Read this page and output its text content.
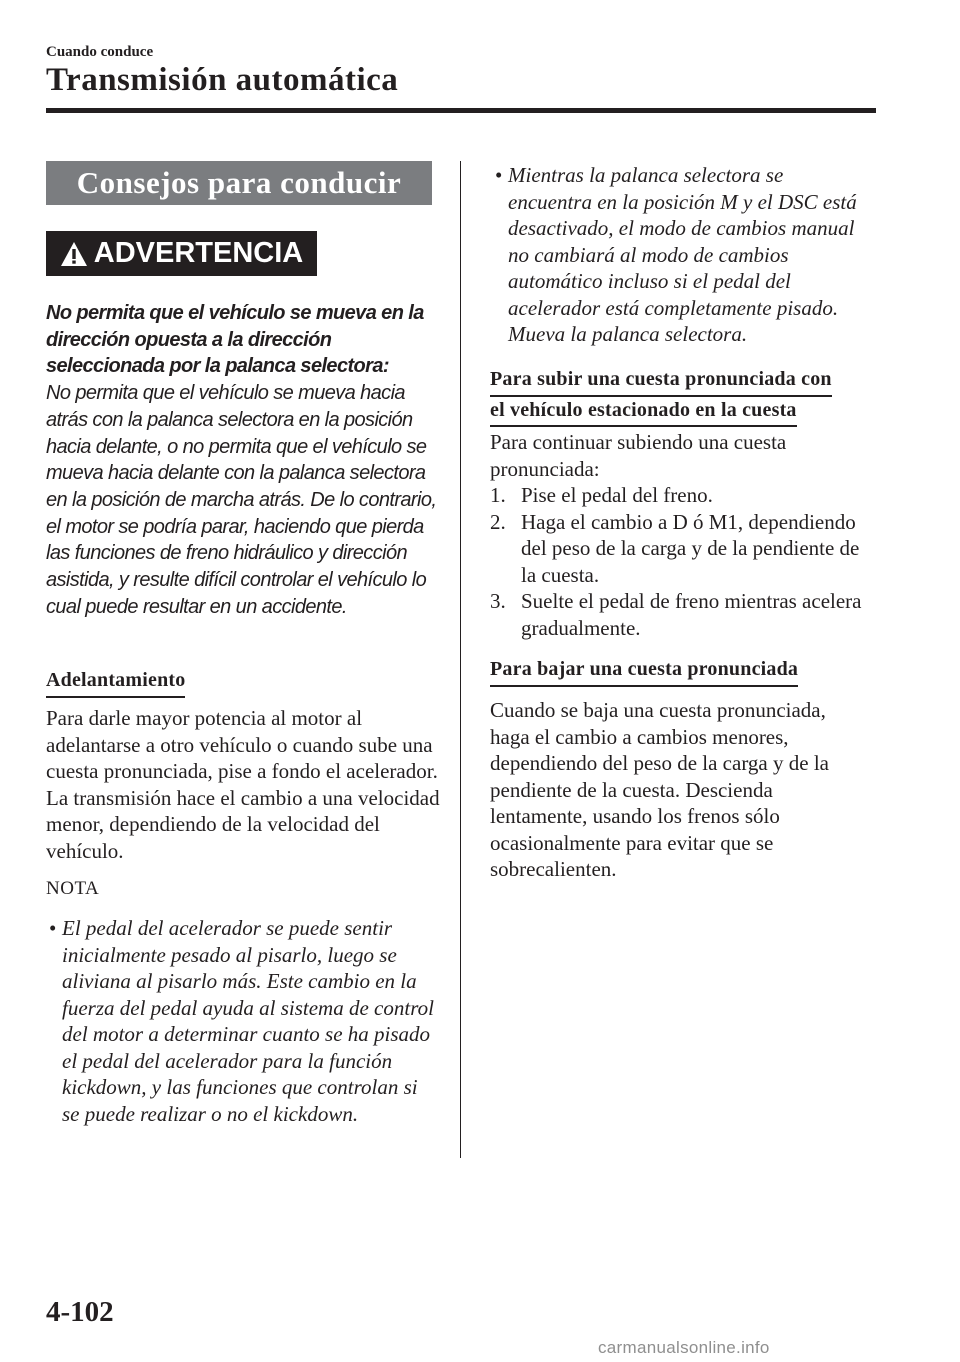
Cuando conduce
Transmisión automática
Consejos para conducir
ADVERTENCIA
No permita que el vehículo se mueva en la dirección opuesta a la dirección seleccionada por la palanca selectora:
No permita que el vehículo se mueva hacia atrás con la palanca selectora en la posición hacia delante, o no permita que el vehículo se mueva hacia delante con la palanca selectora en la posición de marcha atrás. De lo contrario, el motor se podría parar, haciendo que pierda las funciones de freno hidráulico y dirección asistida, y resulte difícil controlar el vehículo lo cual puede resultar en un accidente.
Adelantamiento
Para darle mayor potencia al motor al adelantarse a otro vehículo o cuando sube una cuesta pronunciada, pise a fondo el acelerador. La transmisión hace el cambio a una velocidad menor, dependiendo de la velocidad del vehículo.
NOTA
• El pedal del acelerador se puede sentir inicialmente pesado al pisarlo, luego se aliviana al pisarlo más. Este cambio en la fuerza del pedal ayuda al sistema de control del motor a determinar cuanto se ha pisado el pedal del acelerador para la función kickdown, y las funciones que controlan si se puede realizar o no el kickdown.
• Mientras la palanca selectora se encuentra en la posición M y el DSC está desactivado, el modo de cambios manual no cambiará al modo de cambios automático incluso si el pedal del acelerador está completamente pisado. Mueva la palanca selectora.
Para subir una cuesta pronunciada con
el vehículo estacionado en la cuesta
Para continuar subiendo una cuesta pronunciada:
1. Pise el pedal del freno.
2. Haga el cambio a D ó M1, dependiendo del peso de la carga y de la pendiente de la cuesta.
3. Suelte el pedal de freno mientras acelera gradualmente.
Para bajar una cuesta pronunciada
Cuando se baja una cuesta pronunciada, haga el cambio a cambios menores, dependiendo del peso de la carga y de la pendiente de la cuesta. Descienda lentamente, usando los frenos sólo ocasionalmente para evitar que se sobrecalienten.
4-102
carmanualsonline.info
